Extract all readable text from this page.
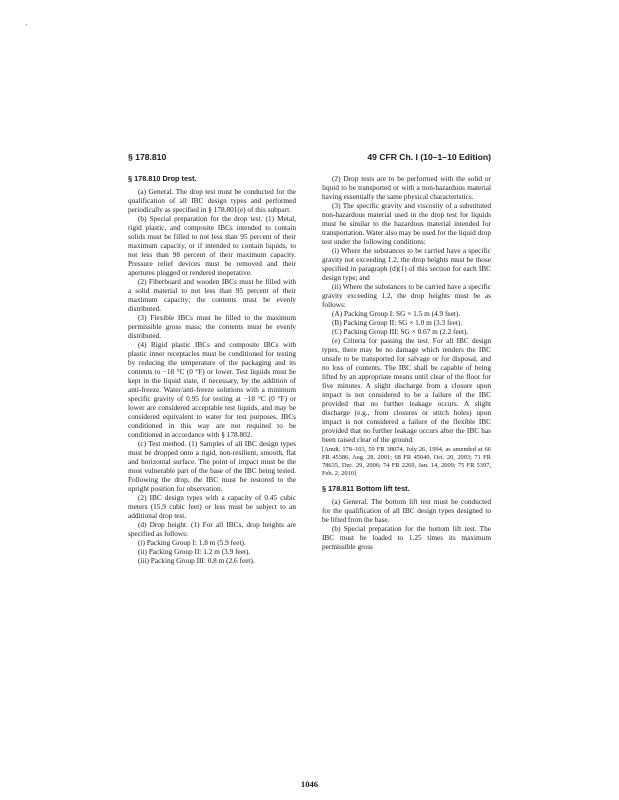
§ 178.810	49 CFR Ch. I (10–1–10 Edition)

§ 178.810 Drop test.

(a) General. The drop test must be conducted for the qualification of all IBC design types and performed periodically as specified in § 178.801(e) of this subpart.

(b) Special preparation for the drop test. (1) Metal, rigid plastic, and composite IBCs intended to contain solids must be filled to not less than 95 percent of their maximum capacity, or if intended to contain liquids, to not less than 98 percent of their maximum capacity. Pressure relief devices must be removed and their apertures plugged or rendered inoperative.

(2) Fiberboard and wooden IBCs must be filled with a solid material to not less than 95 percent of their maximum capacity; the contents must be evenly distributed.

(3) Flexible IBCs must be filled to the maximum permissible gross mass; the contents must be evenly distributed.

(4) Rigid plastic IBCs and composite IBCs with plastic inner receptacles must be conditioned for testing by reducing the temperature of the packaging and its contents to −18 °C (0 °F) or lower. Test liquids must be kept in the liquid state, if necessary, by the addition of anti-freeze. Water/anti-freeze solutions with a minimum specific gravity of 0.95 for testing at −18 °C (0 °F) or lower are considered acceptable test liquids, and may be considered equivalent to water for test purposes. IBCs conditioned in this way are not required to be conditioned in accordance with § 178.802.

(c) Test method. (1) Samples of all IBC design types must be dropped onto a rigid, non-resilient, smooth, flat and horizontal surface. The point of impact must be the most vulnerable part of the base of the IBC being tested. Following the drop, the IBC must be restored to the upright position for observation.

(2) IBC design types with a capacity of 0.45 cubic meters (15.9 cubic feet) or less must be subject to an additional drop test.

(d) Drop height. (1) For all IBCs, drop heights are specified as follows:

(i) Packing Group I: 1.8 m (5.9 feet).

(ii) Packing Group II: 1.2 m (3.9 feet).

(iii) Packing Group III: 0.8 m (2.6 feet).

(2) Drop tests are to be performed with the solid or liquid to be transported or with a non-hazardous material having essentially the same physical characteristics.

(3) The specific gravity and viscosity of a substituted non-hazardous material used in the drop test for liquids must be similar to the hazardous material intended for transportation. Water also may be used for the liquid drop test under the following conditions:

(i) Where the substances to be carried have a specific gravity not exceeding 1.2, the drop heights must be those specified in paragraph (d)(1) of this section for each IBC design type; and

(ii) Where the substances to be carried have a specific gravity exceeding 1.2, the drop heights must be as follows:

(A) Packing Group I: SG × 1.5 m (4.9 feet).

(B) Packing Group II: SG × 1.0 m (3.3 feet).

(C) Packing Group III: SG × 0.67 m (2.2 feet).

(e) Criteria for passing the test. For all IBC design types, there may be no damage which renders the IBC unsafe to be transported for salvage or for disposal, and no loss of contents. The IBC shall be capable of being lifted by an appropriate means until clear of the floor for five minutes. A slight discharge from a closure upon impact is not considered to be a failure of the IBC provided that no further leakage occurs. A slight discharge (e.g., from closures or stitch holes) upon impact is not considered a failure of the flexible IBC provided that no further leakage occurs after the IBC has been raised clear of the ground.

[Amdt. 178–103, 59 FR 38074, July 26, 1994, as amended at 66 FR 45386, Aug. 28, 2001; 68 FR 45040, Oct. 20, 2003; 71 FR 78635, Dec. 29, 2006; 74 FR 2269, Jan. 14, 2009; 75 FR 5397, Feb. 2, 2010]

§ 178.811 Bottom lift test.

(a) General. The bottom lift test must be conducted for the qualification of all IBC design types designed to be lifted from the base.

(b) Special preparation for the bottom lift test. The IBC must be loaded to 1.25 times its maximum permissible gross

1046
